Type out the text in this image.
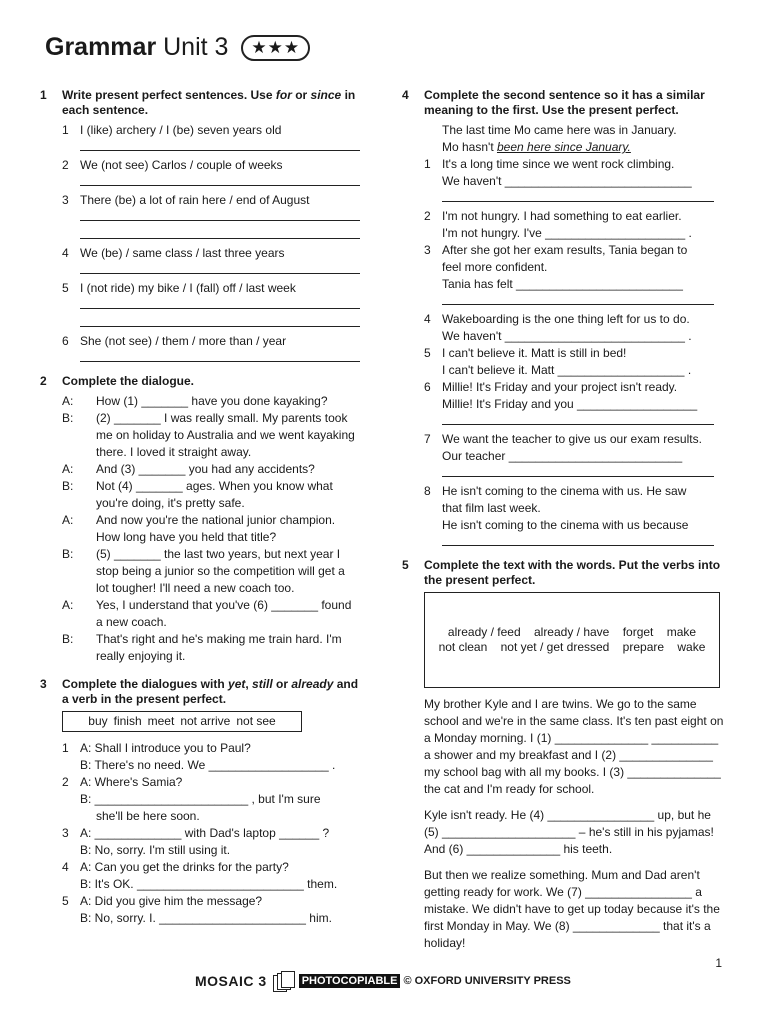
Grammar Unit 3 ★★★
1	Write present perfect sentences. Use for or since in each sentence.
1 I (like) archery / I (be) seven years old
2 We (not see) Carlos / couple of weeks
3 There (be) a lot of rain here / end of August
4 We (be) / same class / last three years
5 I (not ride) my bike / I (fall) off / last week
6 She (not see) / them / more than / year
2	Complete the dialogue.
A:	How (1) _______ have you done kayaking?
B:	(2) _______ I was really small. My parents took me on holiday to Australia and we went kayaking there. I loved it straight away.
A:	And (3) _______ you had any accidents?
B:	Not (4) _______ ages. When you know what you're doing, it's pretty safe.
A:	And now you're the national junior champion. How long have you held that title?
B:	(5) _______ the last two years, but next year I stop being a junior so the competition will get a lot tougher! I'll need a new coach too.
A:	Yes, I understand that you've (6) _______ found a new coach.
B:	That's right and he's making me train hard. I'm really enjoying it.
3	Complete the dialogues with yet, still or already and a verb in the present perfect.
buy finish meet not arrive not see
1 A: Shall I introduce you to Paul?
B: There's no need. We __________________ .
2 A: Where's Samia?
B: _______________________ , but I'm sure
she'll be here soon.
3 A: _____________ with Dad's laptop ______ ?
B: No, sorry. I'm still using it.
4 A: Can you get the drinks for the party?
B: It's OK. _________________________ them.
5 A: Did you give him the message?
B: No, sorry. I. ______________________ him.
4	Complete the second sentence so it has a similar meaning to the first. Use the present perfect.
The last time Mo came here was in January.
Mo hasn't been here since January.
1 It's a long time since we went rock climbing.
We haven't ____________________________
2 I'm not hungry. I had something to eat earlier.
I'm not hungry. I've _____________________ .
3 After she got her exam results, Tania began to
feel more confident.
Tania has felt _________________________
4 Wakeboarding is the one thing left for us to do.
We haven't ___________________________ .
5 I can't believe it. Matt is still in bed!
I can't believe it. Matt ___________________ .
6 Millie! It's Friday and your project isn't ready.
Millie! It's Friday and you __________________
7 We want the teacher to give us our exam results.
Our teacher __________________________
8 He isn't coming to the cinema with us. He saw
that film last week.
He isn't coming to the cinema with us because
5	Complete the text with the words. Put the verbs into the present perfect.

already / feed    already / have    forget    make
not clean    not yet / get dressed    prepare    wake

My brother Kyle and I are twins. We go to the same school and we're in the same class. It's ten past eight on a Monday morning. I (1) ______________ __________ a shower and my breakfast and I (2) ______________ my school bag with all my books. I (3) ______________ the cat and I'm ready for school.
Kyle isn't ready. He (4) ________________ up, but he (5) ____________________ – he's still in his pyjamas! And (6) ______________ his teeth.
But then we realize something. Mum and Dad aren't getting ready for work. We (7) ________________ a mistake. We didn't have to get up today because it's the first Monday in May. We (8) _____________ that it's a holiday!
1
MOSAIC 3	PHOTOCOPIABLE © OXFORD UNIVERSITY PRESS
